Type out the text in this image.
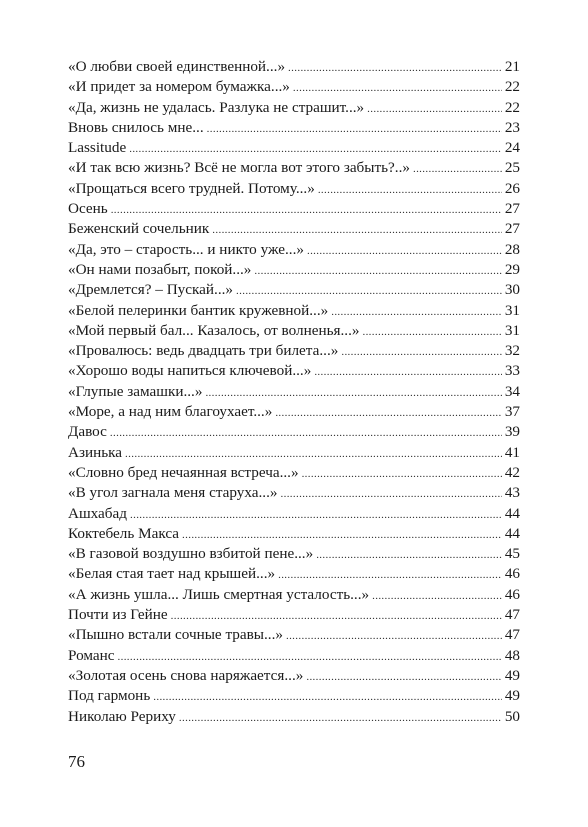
«О любви своей единственной...» . . .	21
«И придет за номером бумажка...» . . .	22
«Да, жизнь не удалась. Разлука не страшит...» . . .	22
Вновь снилось мне... . . .	23
Lassitude . . .	24
«И так всю жизнь? Всё не могла вот этого забыть?..» . . .	25
«Прощаться всего трудней. Потому...» . . .	26
Осень . . .	27
Беженский сочельник . . .	27
«Да, это – старость... и никто уже...» . . .	28
«Он нами позабыт, покой...» . . .	29
«Дремлется? – Пускай...» . . .	30
«Белой пелеринки бантик кружевной...» . . .	31
«Мой первый бал... Казалось, от волненья...» . . .	31
«Провалюсь: ведь двадцать три билета...» . . .	32
«Хорошо воды напиться ключевой...» . . .	33
«Глупые замашки...» . . .	34
«Море, а над ним благоухает...» . . .	37
Давос . . .	39
Азинька . . .	41
«Словно бред нечаянная встреча...» . . .	42
«В угол загнала меня старуха...» . . .	43
Ашхабад . . .	44
Коктебель Макса . . .	44
«В газовой воздушно взбитой пене...» . . .	45
«Белая стая тает над крышей...» . . .	46
«А жизнь ушла... Лишь смертная усталость...» . . .	46
Почти из Гейне . . .	47
«Пышно встали сочные травы...» . . .	47
Романс . . .	48
«Золотая осень снова наряжается...» . . .	49
Под гармонь . . .	49
Николаю Рериху . . .	50
76
